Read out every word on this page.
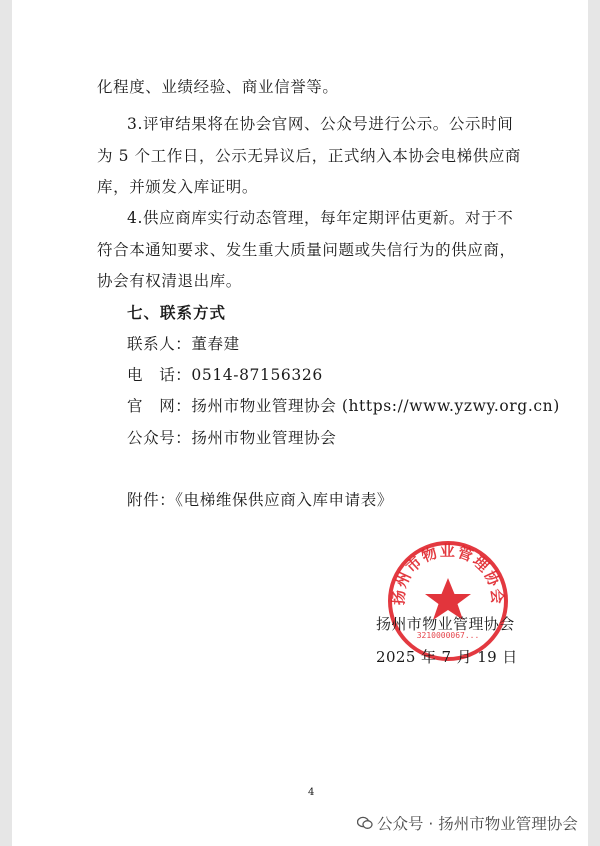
化程度、业绩经验、商业信誉等。
3.评审结果将在协会官网、公众号进行公示。公示时间
为 5 个工作日，公示无异议后，正式纳入本协会电梯供应商
库，并颁发入库证明。
4.供应商库实行动态管理，每年定期评估更新。对于不
符合本通知要求、发生重大质量问题或失信行为的供应商，
协会有权清退出库。
七、联系方式
联系人：董春建
电　话：0514-87156326
官　网：扬州市物业管理协会 (https://www.yzwy.org.cn)
公众号：扬州市物业管理协会
附件：《电梯维保供应商入库申请表》
扬州市物业管理协会
3210000067...
扬州市物业管理协会
2025 年 7 月 19 日
4
公众号 · 扬州市物业管理协会
